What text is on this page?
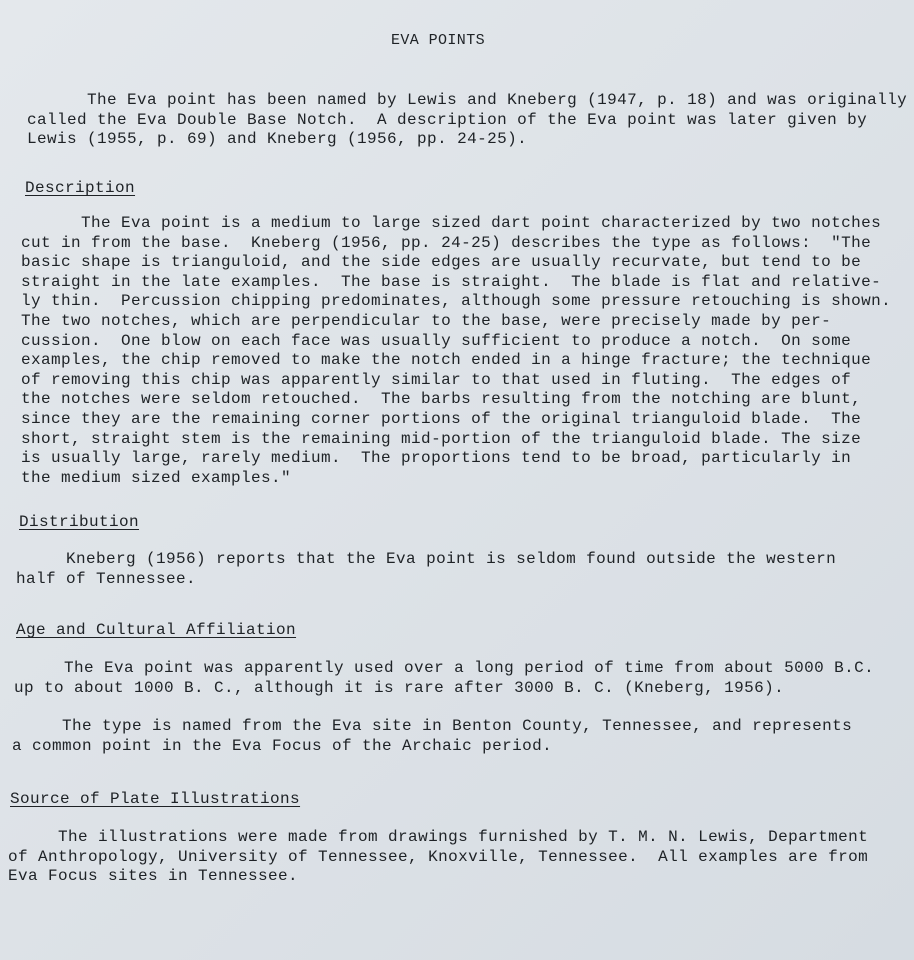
EVA POINTS
The Eva point has been named by Lewis and Kneberg (1947, p. 18) and was originally
called the Eva Double Base Notch.  A description of the Eva point was later given by
Lewis (1955, p. 69) and Kneberg (1956, pp. 24-25).
Description
The Eva point is a medium to large sized dart point characterized by two notches
cut in from the base.  Kneberg (1956, pp. 24-25) describes the type as follows:  "The
basic shape is trianguloid, and the side edges are usually recurvate, but tend to be
straight in the late examples.  The base is straight.  The blade is flat and relative-
ly thin.  Percussion chipping predominates, although some pressure retouching is shown.
The two notches, which are perpendicular to the base, were precisely made by per-
cussion.  One blow on each face was usually sufficient to produce a notch.  On some
examples, the chip removed to make the notch ended in a hinge fracture; the technique
of removing this chip was apparently similar to that used in fluting.  The edges of
the notches were seldom retouched.  The barbs resulting from the notching are blunt,
since they are the remaining corner portions of the original trianguloid blade.  The
short, straight stem is the remaining mid-portion of the trianguloid blade. The size
is usually large, rarely medium.  The proportions tend to be broad, particularly in
the medium sized examples."
Distribution
Kneberg (1956) reports that the Eva point is seldom found outside the western
half of Tennessee.
Age and Cultural Affiliation
The Eva point was apparently used over a long period of time from about 5000 B.C.
up to about 1000 B. C., although it is rare after 3000 B. C. (Kneberg, 1956).
The type is named from the Eva site in Benton County, Tennessee, and represents
a common point in the Eva Focus of the Archaic period.
Source of Plate Illustrations
The illustrations were made from drawings furnished by T. M. N. Lewis, Department
of Anthropology, University of Tennessee, Knoxville, Tennessee.  All examples are from
Eva Focus sites in Tennessee.
